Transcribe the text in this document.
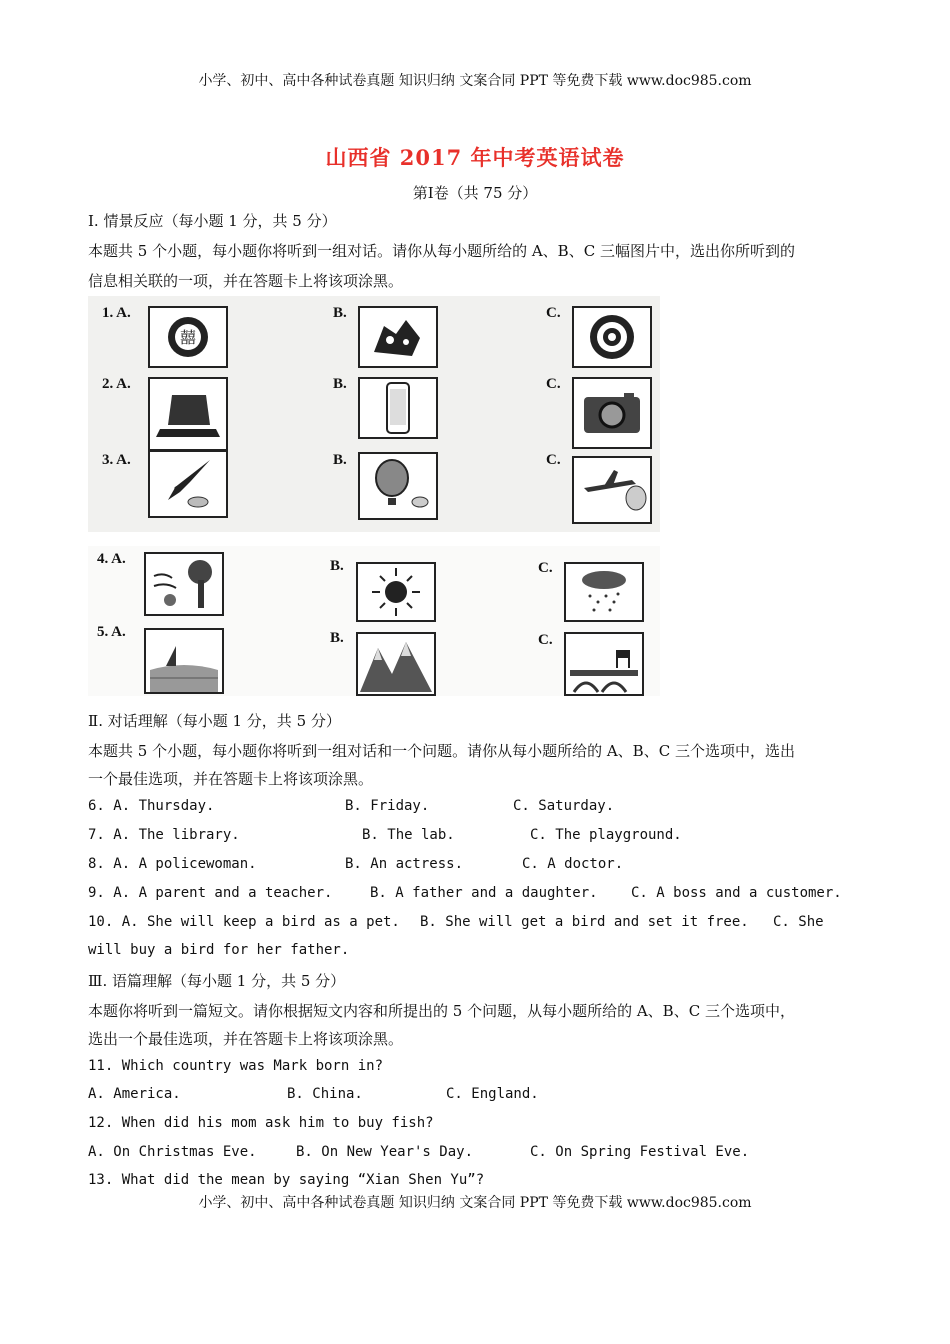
小学、初中、高中各种试卷真题 知识归纳 文案合同 PPT 等免费下载 www.doc985.com
山西省 2017 年中考英语试卷
第Ⅰ卷（共 75 分）
Ⅰ. 情景反应（每小题 1 分，共 5 分）
本题共 5 个小题，每小题你将听到一组对话。请你从每小题所给的 A、B、C 三幅图片中，选出你所听到的
信息相关联的一项，并在答题卡上将该项涂黑。
1. A.	B.	C.
囍
2. A.	B.	C.
3. A.	B.	C.
4. A.	B.	C.
5. A.	B.	C.
Ⅱ. 对话理解（每小题 1 分，共 5 分）
本题共 5 个小题，每小题你将听到一组对话和一个问题。请你从每小题所给的 A、B、C 三个选项中，选出
一个最佳选项，并在答题卡上将该项涂黑。
6. A. Thursday.	B. Friday.	C. Saturday.
7. A. The library.	B. The lab.	C. The playground.
8. A. A policewoman.	B. An actress.	C. A doctor.
9. A. A parent and a teacher.	B. A father and a daughter. C. A boss and a customer.
10. A. She will keep a bird as a pet. B. She will get a bird and set it free. C. She
will buy a bird for her father.
Ⅲ. 语篇理解（每小题 1 分，共 5 分）
本题你将听到一篇短文。请你根据短文内容和所提出的 5 个问题，从每小题所给的 A、B、C 三个选项中，
选出一个最佳选项，并在答题卡上将该项涂黑。
11. Which country was Mark born in?
A. America.	B. China.	C. England.
12. When did his mom ask him to buy fish?
A. On Christmas Eve.	B. On New Year's Day.	C. On Spring Festival Eve.
13. What did the mean by saying “Xian Shen Yu”?
小学、初中、高中各种试卷真题 知识归纳 文案合同 PPT 等免费下载 www.doc985.com
